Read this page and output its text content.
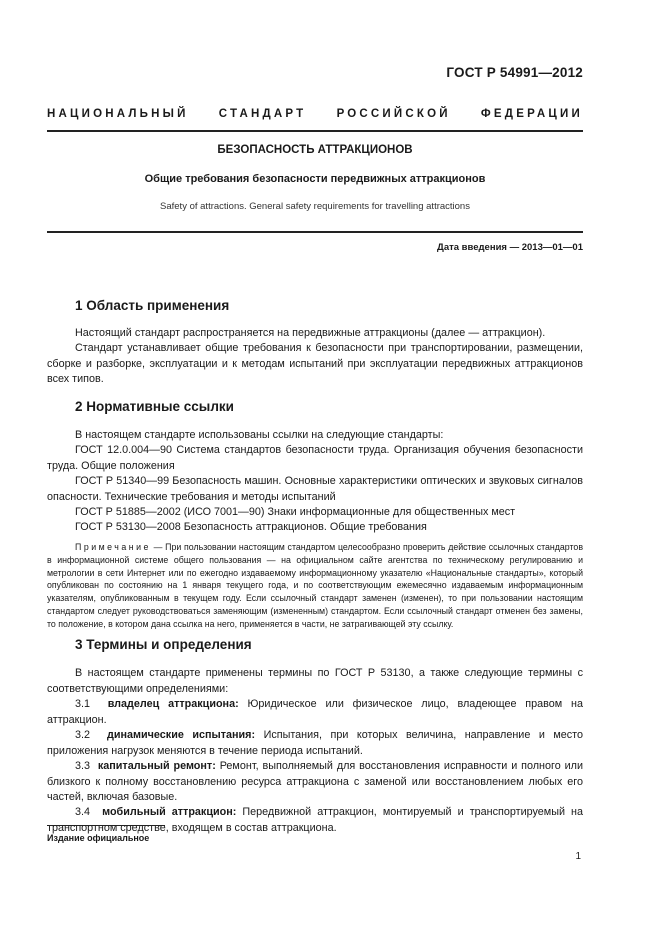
ГОСТ Р 54991—2012
НАЦИОНАЛЬНЫЙ	СТАНДАРТ	РОССИЙСКОЙ	ФЕДЕРАЦИИ
БЕЗОПАСНОСТЬ АТТРАКЦИОНОВ
Общие требования безопасности передвижных аттракционов
Safety of attractions. General safety requirements for travelling attractions
Дата введения — 2013—01—01
1 Область применения
Настоящий стандарт распространяется на передвижные аттракционы (далее — аттракцион).
Стандарт устанавливает общие требования к безопасности при транспортировании, размещении, сборке и разборке, эксплуатации и к методам испытаний при эксплуатации передвижных аттракционов всех типов.
2 Нормативные ссылки
В настоящем стандарте использованы ссылки на следующие стандарты:
ГОСТ 12.0.004—90 Система стандартов безопасности труда. Организация обучения безопасности труда. Общие положения
ГОСТ Р 51340—99 Безопасность машин. Основные характеристики оптических и звуковых сигналов опасности. Технические требования и методы испытаний
ГОСТ Р 51885—2002 (ИСО 7001—90) Знаки информационные для общественных мест
ГОСТ Р 53130—2008 Безопасность аттракционов. Общие требования
Примечание — При пользовании настоящим стандартом целесообразно проверить действие ссылочных стандартов в информационной системе общего пользования — на официальном сайте агентства по техническому регулированию и метрологии в сети Интернет или по ежегодно издаваемому информационному указателю «Национальные стандарты», который опубликован по состоянию на 1 января текущего года, и по соответствующим ежемесячно издаваемым информационным указателям, опубликованным в текущем году. Если ссылочный стандарт заменен (изменен), то при пользовании настоящим стандартом следует руководствоваться заменяющим (измененным) стандартом. Если ссылочный стандарт отменен без замены, то положение, в котором дана ссылка на него, применяется в части, не затрагивающей эту ссылку.
3 Термины и определения
В настоящем стандарте применены термины по ГОСТ Р 53130, а также следующие термины с соответствующими определениями:
3.1 владелец аттракциона: Юридическое или физическое лицо, владеющее правом на аттракцион.
3.2 динамические испытания: Испытания, при которых величина, направление и место приложения нагрузок меняются в течение периода испытаний.
3.3 капитальный ремонт: Ремонт, выполняемый для восстановления исправности и полного или близкого к полному восстановлению ресурса аттракциона с заменой или восстановлением любых его частей, включая базовые.
3.4 мобильный аттракцион: Передвижной аттракцион, монтируемый и транспортируемый на транспортном средстве, входящем в состав аттракциона.
Издание официальное
1
